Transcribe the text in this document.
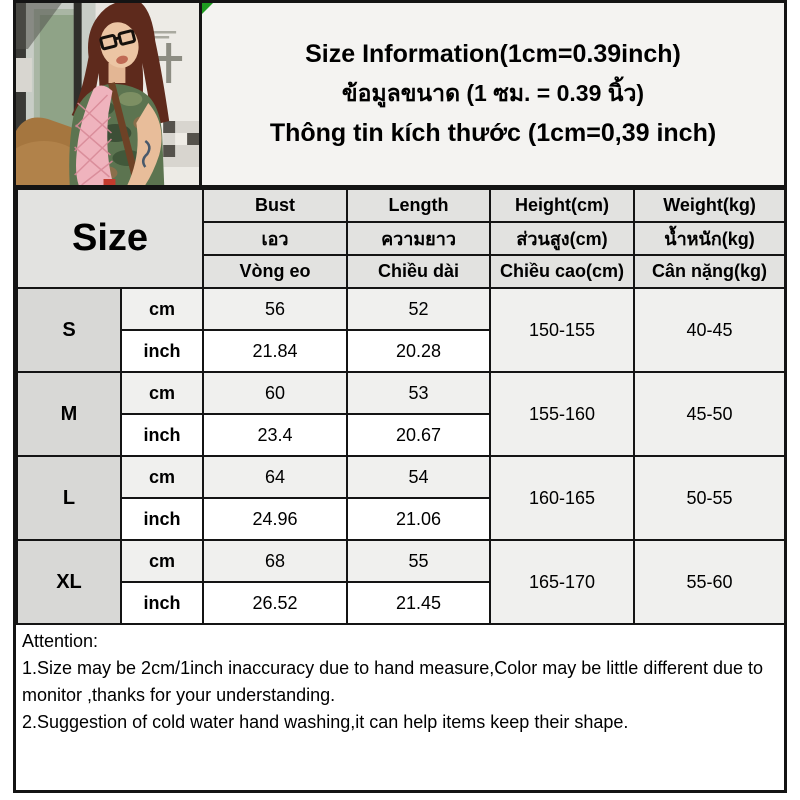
Size Information(1cm=0.39inch)
ข้อมูลขนาด (1 ซม. = 0.39 นิ้ว)
Thông tin kích thước (1cm=0,39 inch)
Size		Bust	Length	Height(cm)	Weight(kg)
		เอว	ความยาว	ส่วนสูง(cm)	น้ำหนัก(kg)
		Vòng eo	Chiều dài	Chiều cao(cm)	Cân nặng(kg)
S	cm	56	52	150-155	40-45
	inch	21.84	20.28		
M	cm	60	53	155-160	45-50
	inch	23.4	20.67		
L	cm	64	54	160-165	50-55
	inch	24.96	21.06		
XL	cm	68	55	165-170	55-60
	inch	26.52	21.45		

Attention:

1.Size may be 2cm/1inch inaccuracy due to hand measure,Color may be little different due to monitor ,thanks for your understanding.

2.Suggestion of cold water hand washing,it can help items keep their shape.
